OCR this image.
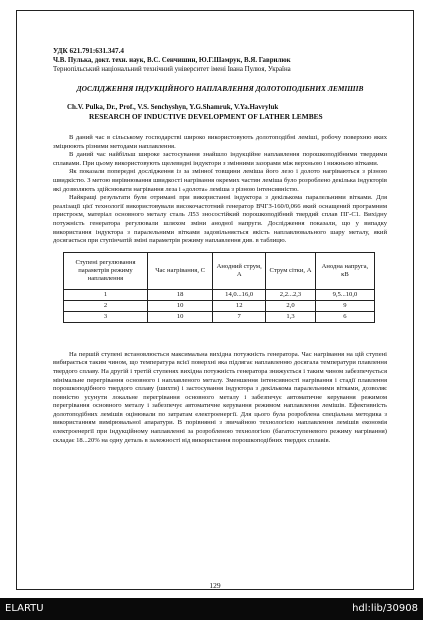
УДК 621.791:631.347.4
Ч.В. Пулька, докт. техн. наук, В.С. Сенчишин, Ю.Г.Шамрук, В.Я. Гаврилюк
Тернопільський національний технічний університет імені Івана Пулюя, Україна
ДОСЛІДЖЕННЯ ІНДУКЦІЙНОГО НАПЛАВЛЕННЯ ДОЛОТОПОДІБНИХ ЛЕМІШІВ
Ch.V. Pulka, Dr., Prof., V.S. Senchyshyn, Y.G.Shamruk, V.Ya.Havryluk
RESEARCH OF INDUCTIVE DEVELOPMENT OF LATHER LEMBES

В даний час в сільському господарстві широко використовують долотоподібні леміші, робочу поверхню яких зміцнюють різними методами наплавлення.

В даний час найбільш широке застосування знайшло індукційне наплавлення порошкоподібними твердими сплавами. При цьому використовують щелевидні індуктори з змінними зазорами між верхньою і нижньою вітками.

Як показали попередні дослідження із за змінної товщини леміша його лезо і долото нагріваються з різною швидкістю. З метою вирівнювання швидкості нагрівання окремих частин леміша було розроблено декілька індукторів які дозволяють здійснювати нагрівання леза і «долота» леміша з різною інтенсивністю.

Найкращі результати були отримані при використанні індуктора з декількома паралельними вітками. Для реалізації цієї технології використовували високочастотний генератор ВЧГЗ-160/0,066 який оснащений програмним пристроєм, матеріал основного металу сталь Л53 зносостійкий порошкоподібний твердий сплав ПГ-С1. Вихідну потужність генератора регулювали шляхом зміни анодної напруги. Дослідження показали, що у випадку використання індуктора з паралельними вітками задовільняється якість наплавлювального шару металу, який досягається при ступінчатій зміні параметрів режиму наплавлення див. в таблицю.

Ступені регулювання параметрів режиму наплавлення	Час нагрівання, С	Анодний струм, А	Струм сітки, А	Анодна напруга, кВ
1	18	14,0...16,0	2,2...2,3	9,5...10,0
2	10	12	2,0	9
3	10	7	1,3	6

На першій ступені встановлюється максимальна вихідна потужність генератора. Час нагрівання на цій ступені вибирається таким чином, що температура всієї поверхні яка підлягає наплавленню досягала температури плавлення твердого сплаву. На другій і третій ступенях вихідна потужність генератора знижується і таким чином забезпечується мінімальне перегрівання основного і наплавленого металу. Зменшення інтенсивності нагрівання і стадії плавлення порошкоподібного твердого сплаву (шихти) і застосування індуктора з декількома паралельними вітками, дозволяє повністю усунути локальне перегрівання основного металу і забезпечує автоматичне керування режимом перегрівання основного металу і забезпечує автоматичне керування режимом наплавлення лемішів. Ефективність долотоподібних лемішів оцінювали по затратам електроенергії. Для цього була розроблена спеціальна методика з використанням вимірювальної апаратури. В порівнянні з звичайною технологією наплавлення лемішів економія електроенергії при індукційному наплавленні за розробленою технологією (багатоступеневого режиму нагрівання) складає 18...20% на одну деталь в залежності від використання порошкоподібних твердих сплавів.

129
ELARTU	hdl:lib/30908
